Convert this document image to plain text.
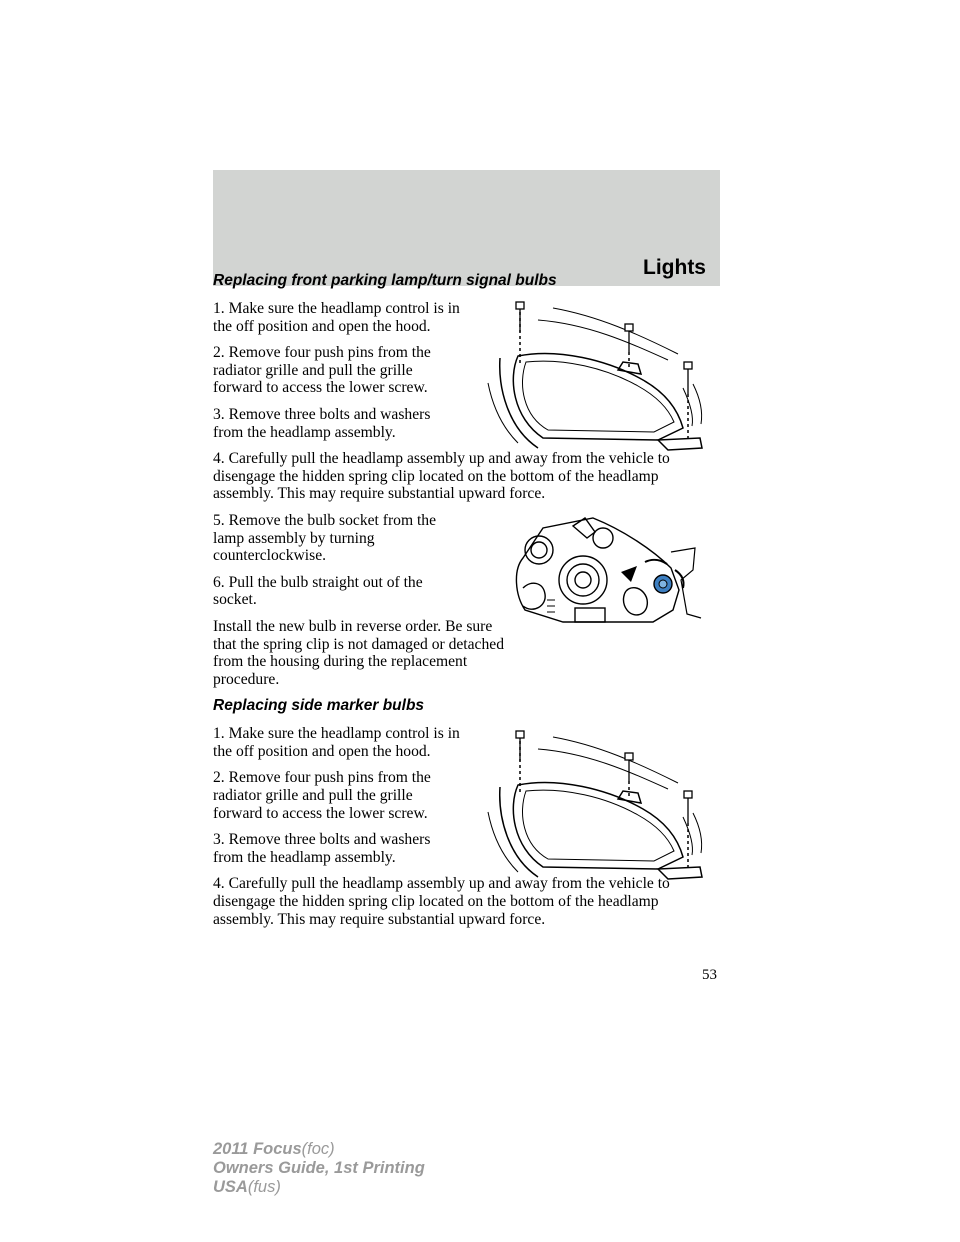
Lights
Replacing front parking lamp/turn signal bulbs

1. Make sure the headlamp control is in the off position and open the hood.

2. Remove four push pins from the radiator grille and pull the grille forward to access the lower screw.

3. Remove three bolts and washers from the headlamp assembly.

4. Carefully pull the headlamp assembly up and away from the vehicle to disengage the hidden spring clip located on the bottom of the headlamp assembly. This may require substantial upward force.

5. Remove the bulb socket from the lamp assembly by turning counterclockwise.

6. Pull the bulb straight out of the socket.

Install the new bulb in reverse order. Be sure that the spring clip is not damaged or detached from the housing during the replacement procedure.

Replacing side marker bulbs

1. Make sure the headlamp control is in the off position and open the hood.

2. Remove four push pins from the radiator grille and pull the grille forward to access the lower screw.

3. Remove three bolts and washers from the headlamp assembly.

4. Carefully pull the headlamp assembly up and away from the vehicle to disengage the hidden spring clip located on the bottom of the headlamp assembly. This may require substantial upward force.

53
2011 Focus(foc)
Owners Guide, 1st Printing
USA(fus)
